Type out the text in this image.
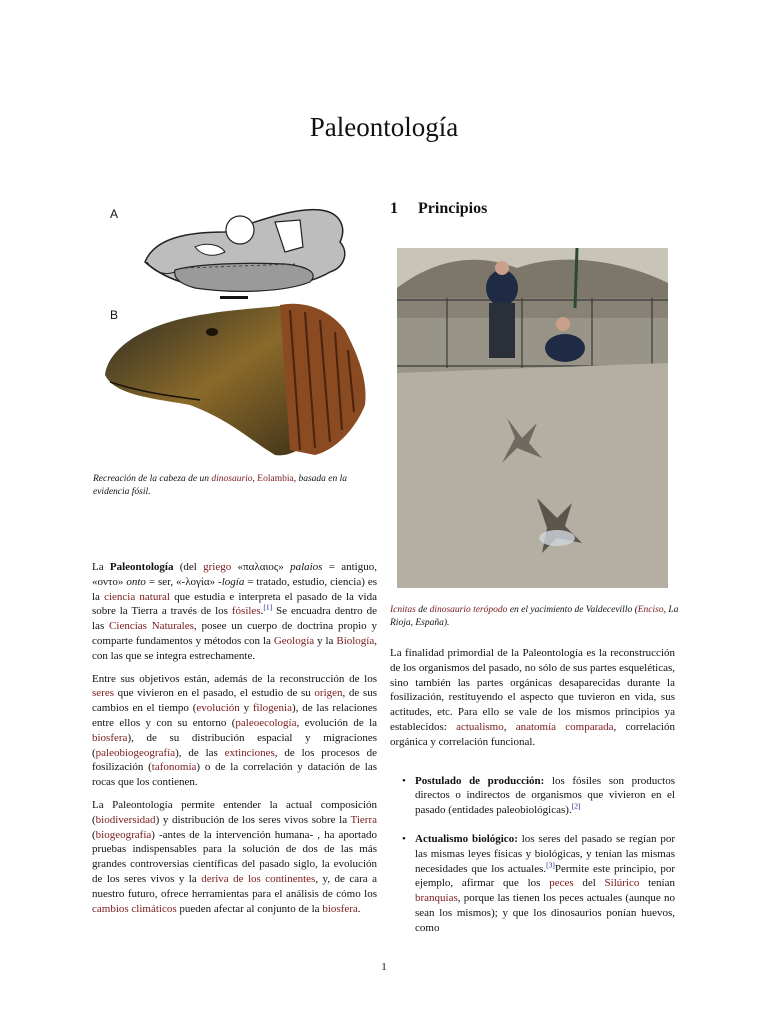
Paleontología
A
B
Recreación de la cabeza de un dinosaurio, Eolambia, basada en la evidencia fósil.
1 Principios
Icnitas de dinosaurio terópodo en el yacimiento de Valdecevillo (Enciso, La Rioja, España).

La Paleontología (del griego «παλαιος» palaios = antiguo, «οντο» onto = ser, «-λογία» -logía = tratado, estudio, ciencia) es la ciencia natural que estudia e interpreta el pasado de la vida sobre la Tierra a través de los fósiles.[1] Se encuadra dentro de las Ciencias Naturales, posee un cuerpo de doctrina propio y comparte fundamentos y métodos con la Geología y la Biología, con las que se integra estrechamente.

Entre sus objetivos están, además de la reconstrucción de los seres que vivieron en el pasado, el estudio de su origen, de sus cambios en el tiempo (evolución y filogenia), de las relaciones entre ellos y con su entorno (paleoecología, evolución de la biosfera), de su distribución espacial y migraciones (paleobiogeografía), de las extinciones, de los procesos de fosilización (tafonomía) o de la correlación y datación de las rocas que los contienen.

La Paleontología permite entender la actual composición (biodiversidad) y distribución de los seres vivos sobre la Tierra (biogeografía) -antes de la intervención humana- , ha aportado pruebas indispensables para la solución de dos de las más grandes controversias científicas del pasado siglo, la evolución de los seres vivos y la deriva de los continentes, y, de cara a nuestro futuro, ofrece herramientas para el análisis de cómo los cambios climáticos pueden afectar al conjunto de la biosfera.

La finalidad primordial de la Paleontología es la reconstrucción de los organismos del pasado, no sólo de sus partes esqueléticas, sino también las partes orgánicas desaparecidas durante la fosilización, restituyendo el aspecto que tuvieron en vida, sus actitudes, etc. Para ello se vale de los mismos principios ya establecidos: actualismo, anatomía comparada, correlación orgánica y correlación funcional.

• Postulado de producción: los fósiles son productos directos o indirectos de organismos que vivieron en el pasado (entidades paleobiológicas).[2]
• Actualismo biológico: los seres del pasado se regían por las mismas leyes físicas y biológicas, y tenían las mismas necesidades que los actuales.[3]Permite este principio, por ejemplo, afirmar que los peces del Silúrico tenían branquias, porque las tienen los peces actuales (aunque no sean los mismos); y que los dinosaurios ponían huevos, como
1
